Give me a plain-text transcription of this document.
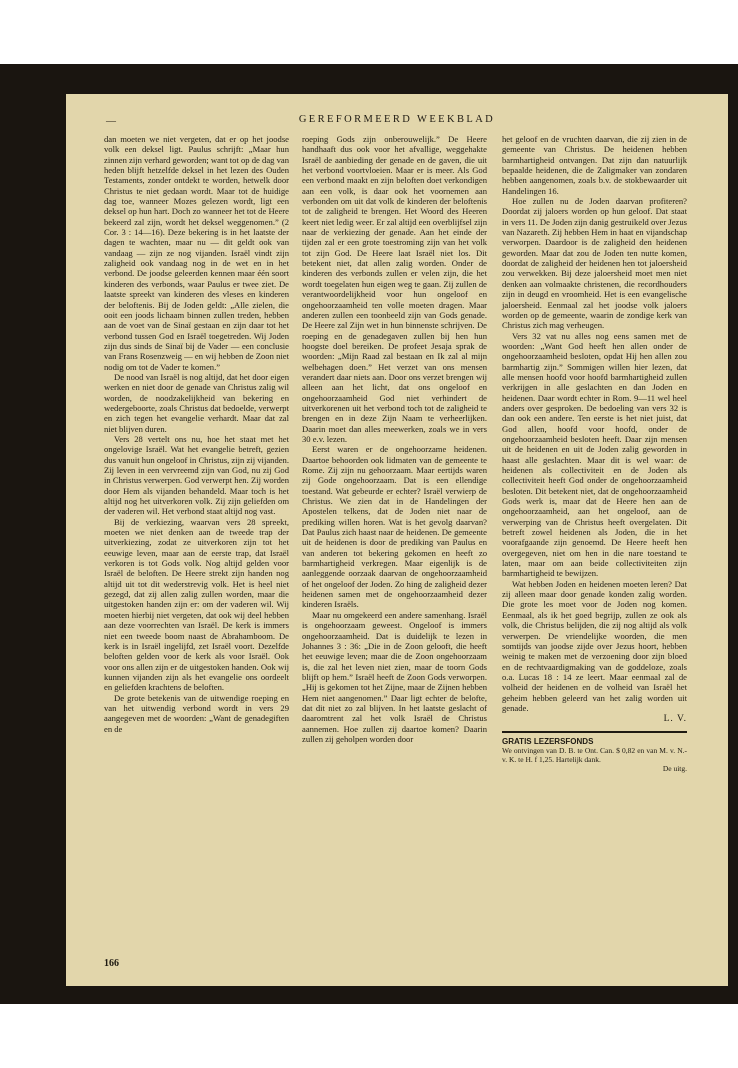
—	GEREFORMEERD WEEKBLAD

dan moeten we niet vergeten, dat er op het joodse volk een deksel ligt. Paulus schrijft: „Maar hun zinnen zijn verhard geworden; want tot op de dag van heden blijft hetzelfde deksel in het lezen des Ouden Testaments, zonder ontdekt te worden, hetwelk door Christus te niet gedaan wordt. Maar tot de huidige dag toe, wanneer Mozes gelezen wordt, ligt een deksel op hun hart. Doch zo wanneer het tot de Heere bekeerd zal zijn, wordt het deksel weggenomen.” (2 Cor. 3 : 14—16). Deze bekering is in het laatste der dagen te wachten, maar nu — dit geldt ook van vandaag — zijn ze nog vijanden. Israël vindt zijn zaligheid ook vandaag nog in de wet en in het verbond. De joodse geleerden kennen maar één soort kinderen des verbonds, waar Paulus er twee ziet. De laatste spreekt van kinderen des vleses en kinderen der beloftenis. Bij de Joden geldt: „Alle zielen, die ooit een joods lichaam binnen zullen treden, hebben aan de voet van de Sinaï gestaan en zijn daar tot het verbond tussen God en Israël toegetreden. Wij Joden zijn dus sinds de Sinaï bij de Vader — een conclusie van Frans Rosenzweig — en wij hebben de Zoon niet nodig om tot de Vader te komen.”

De nood van Israël is nog altijd, dat het door eigen werken en niet door de genade van Christus zalig wil worden, de noodzakelijkheid van bekering en wedergeboorte, zoals Christus dat bedoelde, verwerpt en zich tegen het evangelie verhardt. Maar dat zal niet blijven duren.

Vers 28 vertelt ons nu, hoe het staat met het ongelovige Israël. Wat het evangelie betreft, gezien dus vanuit hun ongeloof in Christus, zijn zij vijanden. Zij leven in een vervreemd zijn van God, nu zij God in Christus verwerpen. God verwerpt hen. Zij worden door Hem als vijanden behandeld. Maar toch is het altijd nog het uitverkoren volk. Zij zijn geliefden om der vaderen wil. Het verbond staat altijd nog vast.

Bij de verkiezing, waarvan vers 28 spreekt, moeten we niet denken aan de tweede trap der uitverkiezing, zodat ze uitverkoren zijn tot het eeuwige leven, maar aan de eerste trap, dat Israël verkoren is tot Gods volk. Nog altijd gelden voor Israël de beloften. De Heere strekt zijn handen nog altijd uit tot dit wederstrevig volk. Het is heel niet gezegd, dat zij allen zalig zullen worden, maar die uitgestoken handen zijn er: om der vaderen wil. Wij moeten hierbij niet vergeten, dat ook wij deel hebben aan deze voorrechten van Israël. De kerk is immers niet een tweede boom naast de Abrahamboom. De kerk is in Israël ingelijfd, zet Israël voort. Dezelfde beloften gelden voor de kerk als voor Israël. Ook voor ons allen zijn er de uitgestoken handen. Ook wij kunnen vijanden zijn als het evangelie ons oordeelt en geliefden krachtens de beloften.

De grote betekenis van de uitwendige roeping en van het uitwendig verbond wordt in vers 29 aangegeven met de woorden: „Want de genadegiften en de

roeping Gods zijn onberouwelijk.” De Heere handhaaft dus ook voor het afvallige, weggehakte Israël de aanbieding der genade en de gaven, die uit het verbond voortvloeien. Maar er is meer. Als God een verbond maakt en zijn beloften doet verkondigen aan een volk, is daar ook het voornemen aan verbonden om uit dat volk de kinderen der beloftenis tot de zaligheid te brengen. Het Woord des Heeren keert niet ledig weer. Er zal altijd een overblijfsel zijn naar de verkiezing der genade. Aan het einde der tijden zal er een grote toestroming zijn van het volk tot zijn God. De Heere laat Israël niet los. Dit betekent niet, dat allen zalig worden. Onder de kinderen des verbonds zullen er velen zijn, die het wordt toegelaten hun eigen weg te gaan. Zij zullen de verantwoordelijkheid voor hun ongeloof en ongehoorzaamheid ten volle moeten dragen. Maar anderen zullen een toonbeeld zijn van Gods genade. De Heere zal Zijn wet in hun binnenste schrijven. De roeping en de genadegaven zullen bij hen hun hoogste doel bereiken. De profeet Jesaja sprak de woorden: „Mijn Raad zal bestaan en Ik zal al mijn welbehagen doen.” Het verzet van ons mensen verandert daar niets aan. Door ons verzet brengen wij alleen aan het licht, dat ons ongeloof en ongehoorzaamheid God niet verhindert de uitverkorenen uit het verbond toch tot de zaligheid te brengen en in deze Zijn Naam te verheerlijken. Daarin moet dan alles meewerken, zoals we in vers 30 e.v. lezen.

Eerst waren er de ongehoorzame heidenen. Daartoe behoorden ook lidmaten van de gemeente te Rome. Zij zijn nu gehoorzaam. Maar eertijds waren zij Gode ongehoorzaam. Dat is een ellendige toestand. Wat gebeurde er echter? Israël verwierp de Christus. We zien dat in de Handelingen der Apostelen telkens, dat de Joden niet naar de prediking willen horen. Wat is het gevolg daarvan? Dat Paulus zich haast naar de heidenen. De gemeente uit de heidenen is door de prediking van Paulus en van anderen tot bekering gekomen en heeft zo barmhartigheid verkregen. Maar eigenlijk is de aanleggende oorzaak daarvan de ongehoorzaamheid of het ongeloof der Joden. Zo hing de zaligheid dezer heidenen samen met de ongehoorzaamheid dezer kinderen Israëls.

Maar nu omgekeerd een andere samenhang. Israël is ongehoorzaam geweest. Ongeloof is immers ongehoorzaamheid. Dat is duidelijk te lezen in Johannes 3 : 36: „Die in de Zoon gelooft, die heeft het eeuwige leven; maar die de Zoon ongehoorzaam is, die zal het leven niet zien, maar de toorn Gods blijft op hem.” Israël heeft de Zoon Gods verworpen. „Hij is gekomen tot het Zijne, maar de Zijnen hebben Hem niet aangenomen.” Daar ligt echter de belofte, dat dit niet zo zal blijven. In het laatste geslacht of daaromtrent zal het volk Israël de Christus aannemen. Hoe zullen zij daartoe komen? Daarin zullen zij geholpen worden door

het geloof en de vruchten daarvan, die zij zien in de gemeente van Christus. De heidenen hebben barmhartigheid ontvangen. Dat zijn dan natuurlijk bepaalde heidenen, die de Zaligmaker van zondaren hebben aangenomen, zoals b.v. de stokbewaarder uit Handelingen 16.

Hoe zullen nu de Joden daarvan profiteren? Doordat zij jaloers worden op hun geloof. Dat staat in vers 11. De Joden zijn danig gestruikeld over Jezus van Nazareth. Zij hebben Hem in haat en vijandschap verworpen. Daardoor is de zaligheid den heidenen geworden. Maar dat zou de Joden ten nutte komen, doordat de zaligheid der heidenen hen tot jaloersheid zou verwekken. Bij deze jaloersheid moet men niet denken aan volmaakte christenen, die recordhouders zijn in deugd en vroomheid. Het is een evangelische jaloersheid. Eenmaal zal het joodse volk jaloers worden op de gemeente, waarin de zondige kerk van Christus zich mag verheugen.

Vers 32 vat nu alles nog eens samen met de woorden: „Want God heeft hen allen onder de ongehoorzaamheid besloten, opdat Hij hen allen zou barmhartig zijn.” Sommigen willen hier lezen, dat alle mensen hoofd voor hoofd barmhartigheid zullen verkrijgen in alle geslachten en dan Joden en heidenen. Daar wordt echter in Rom. 9—11 wel heel anders over gesproken. De bedoeling van vers 32 is dan ook een andere. Ten eerste is het niet juist, dat God allen, hoofd voor hoofd, onder de ongehoorzaamheid besloten heeft. Daar zijn mensen uit de heidenen en uit de Joden zalig geworden in haast alle geslachten. Maar dit is wel waar: de heidenen als collectiviteit en de Joden als collectiviteit heeft God onder de ongehoorzaamheid besloten. Dit betekent niet, dat de ongehoorzaamheid Gods werk is, maar dat de Heere hen aan de ongehoorzaamheid, aan het ongeloof, aan de verwerping van de Christus heeft overgelaten. Dit betreft zowel heidenen als Joden, die in het voorafgaande zijn genoemd. De Heere heeft hen overgegeven, niet om hen in die nare toestand te laten, maar om aan beide collectiviteiten zijn barmhartigheid te bewijzen.

Wat hebben Joden en heidenen moeten leren? Dat zij alleen maar door genade konden zalig worden. Die grote les moet voor de Joden nog komen. Eenmaal, als ik het goed begrijp, zullen ze ook als volk, die Christus belijden, die zij nog altijd als volk verwerpen. De vriendelijke woorden, die men somtijds van joodse zijde over Jezus hoort, hebben weinig te maken met de verzoening door zijn bloed en de rechtvaardigmaking van de goddeloze, zoals o.a. Lucas 18 : 14 ze leert. Maar eenmaal zal de volheid der heidenen en de volheid van Israël het geheim hebben geleerd van het zalig worden uit genade.

L. V.
GRATIS LEZERSFONDS
We ontvingen van D. B. te Ont. Can. $ 0,82 en van M. v. N.-v. K. te H. f 1,25. Hartelijk dank.
De uitg.
166
